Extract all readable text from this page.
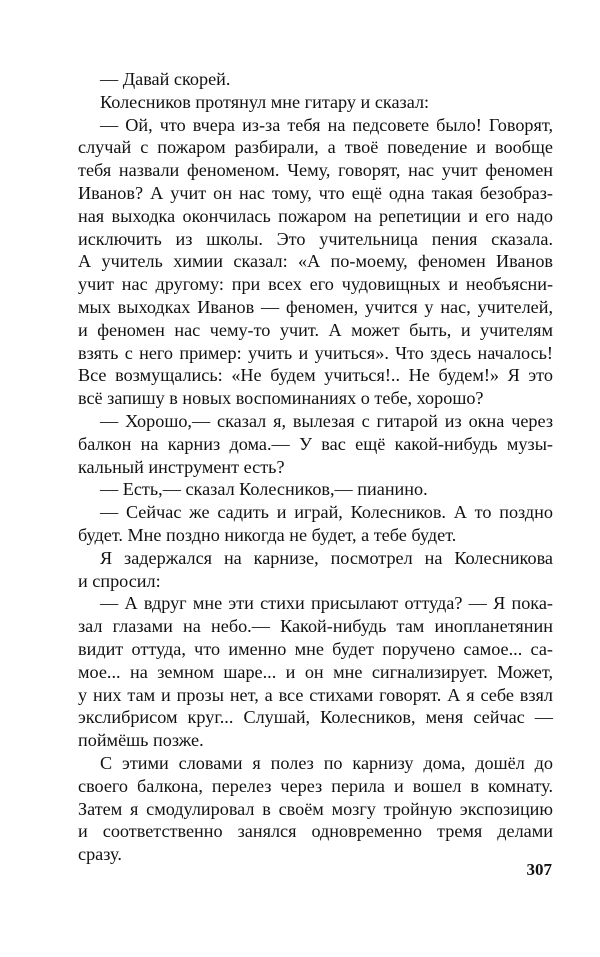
— Давай скорей.
Колесников протянул мне гитару и сказал:
— Ой, что вчера из-за тебя на педсовете было! Говорят,
случай с пожаром разбирали, а твоё поведение и вообще
тебя назвали феноменом. Чему, говорят, нас учит феномен
Иванов? А учит он нас тому, что ещё одна такая безобраз-
ная выходка окончилась пожаром на репетиции и его надо
исключить из школы. Это учительница пения сказала.
А учитель химии сказал: «А по-моему, феномен Иванов
учит нас другому: при всех его чудовищных и необъясни-
мых выходках Иванов — феномен, учится у нас, учителей,
и феномен нас чему-то учит. А может быть, и учителям
взять с него пример: учить и учиться». Что здесь началось!
Все возмущались: «Не будем учиться!.. Не будем!» Я это
всё запишу в новых воспоминаниях о тебе, хорошо?
— Хорошо,— сказал я, вылезая с гитарой из окна через
балкон на карниз дома.— У вас ещё какой-нибудь музы-
кальный инструмент есть?
— Есть,— сказал Колесников,— пианино.
— Сейчас же садить и играй, Колесников. А то поздно
будет. Мне поздно никогда не будет, а тебе будет.
Я задержался на карнизе, посмотрел на Колесникова
и спросил:
— А вдруг мне эти стихи присылают оттуда? — Я пока-
зал глазами на небо.— Какой-нибудь там инопланетянин
видит оттуда, что именно мне будет поручено самое... са-
мое... на земном шаре... и он мне сигнализирует. Может,
у них там и прозы нет, а все стихами говорят. А я себе взял
экслибрисом круг... Слушай, Колесников, меня сейчас —
поймёшь позже.
С этими словами я полез по карнизу дома, дошёл до
своего балкона, перелез через перила и вошел в комнату.
Затем я смодулировал в своём мозгу тройную экспозицию
и соответственно занялся одновременно тремя делами
сразу.
307
